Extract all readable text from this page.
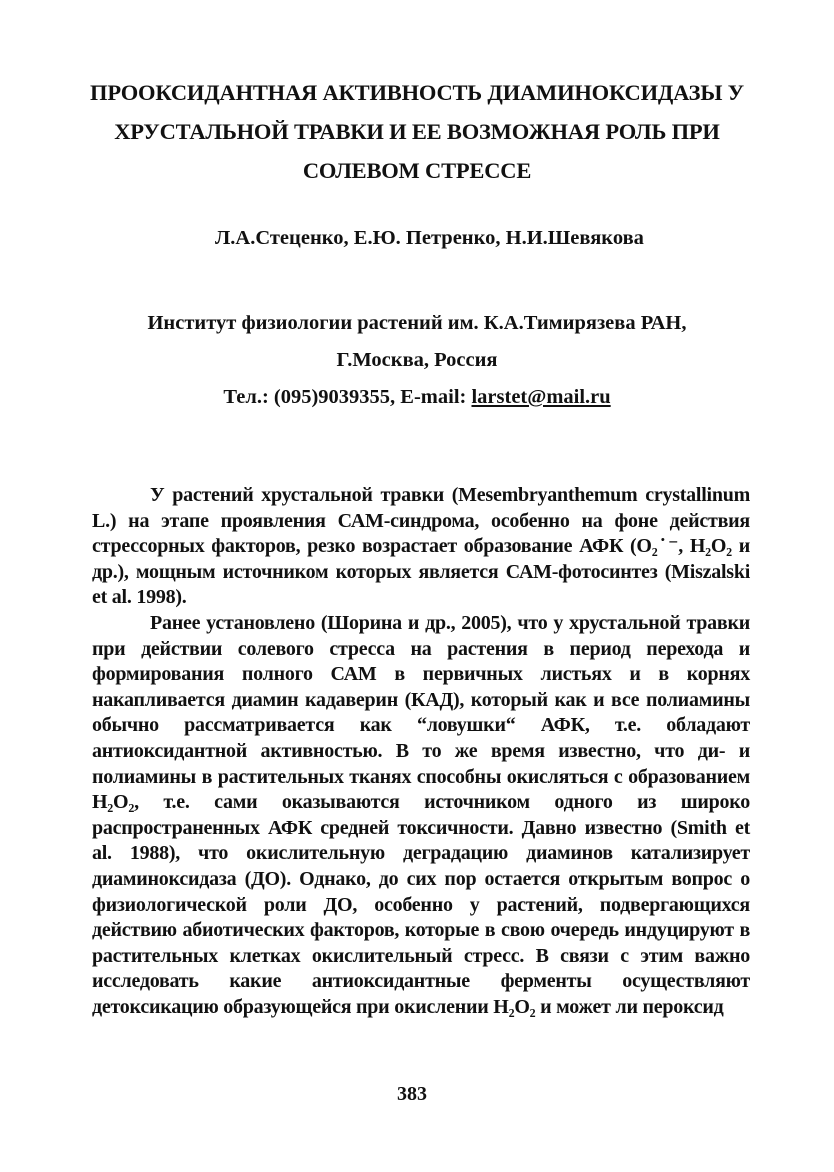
ПРООКСИДАНТНАЯ АКТИВНОСТЬ ДИАМИНОКСИДАЗЫ У
ХРУСТАЛЬНОЙ ТРАВКИ И ЕЕ ВОЗМОЖНАЯ РОЛЬ ПРИ
СОЛЕВОМ СТРЕССЕ
Л.А.Стеценко, Е.Ю. Петренко, Н.И.Шевякова
Институт физиологии растений им. К.А.Тимирязева РАН,
Г.Москва, Россия
Тел.: (095)9039355, E-mail: larstet@mail.ru

У растений хрустальной травки (Mesembryanthemum crystallinum L.) на этапе проявления САМ-синдрома, особенно на фоне действия стрессорных факторов, резко возрастает образование АФК (O₂˙⁻, H₂O₂ и др.), мощным источником которых является САМ-фотосинтез (Miszalski et al. 1998).

Ранее установлено (Шорина и др., 2005), что у хрустальной травки при действии солевого стресса на растения в период перехода и формирования полного САМ в первичных листьях и в корнях накапливается диамин кадаверин (КАД), который как и все полиамины обычно рассматривается как “ловушки“ АФК, т.е. обладают антиоксидантной активностью. В то же время известно, что ди- и полиамины в растительных тканях способны окисляться с образованием H₂O₂, т.е. сами оказываются источником одного из широко распространенных АФК средней токсичности. Давно известно (Smith et al. 1988), что окислительную деградацию диаминов катализирует диаминоксидаза (ДО). Однако, до сих пор остается открытым вопрос о физиологической роли ДО, особенно у растений, подвергающихся действию абиотических факторов, которые в свою очередь индуцируют в растительных клетках окислительный стресс. В связи с этим важно исследовать какие антиоксидантные ферменты осуществляют детоксикацию образующейся при окислении H₂O₂ и может ли пероксид

383
